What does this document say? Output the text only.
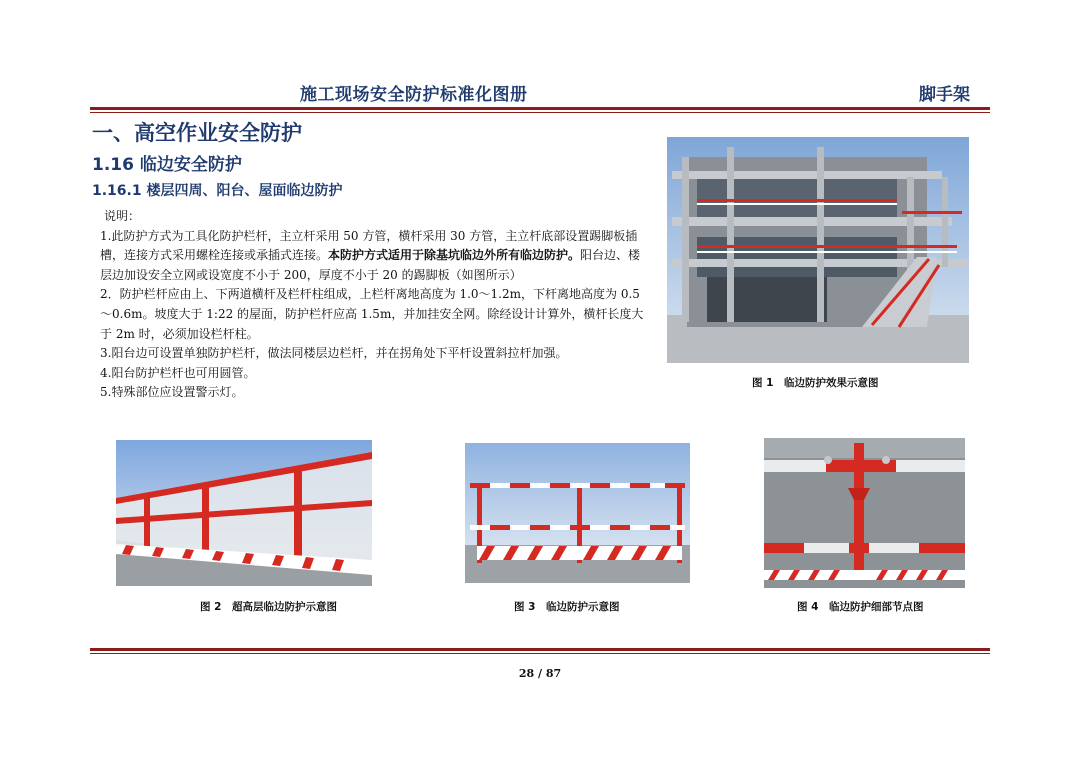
施工现场安全防护标准化图册	脚手架
一、高空作业安全防护
1.16 临边安全防护
1.16.1 楼层四周、阳台、屋面临边防护

说明：

1.此防护方式为工具化防护栏杆，主立杆采用 50 方管，横杆采用 30 方管，主立杆底部设置踢脚板插槽，连接方式采用螺栓连接或承插式连接。本防护方式适用于除基坑临边外所有临边防护。阳台边、楼层边加设安全立网或设宽度不小于 200，厚度不小于 20 的踢脚板（如图所示）

2．防护栏杆应由上、下两道横杆及栏杆柱组成，上栏杆离地高度为 1.0～1.2m，下杆离地高度为 0.5～0.6m。坡度大于 1:22 的屋面，防护栏杆应高 1.5m，并加挂安全网。除经设计计算外，横杆长度大于 2m 时，必须加设栏杆柱。

3.阳台边可设置单独防护栏杆，做法同楼层边栏杆，并在拐角处下平杆设置斜拉杆加强。

4.阳台防护栏杆也可用圆管。

5.特殊部位应设置警示灯。

图 1　临边防护效果示意图
图 2　超高层临边防护示意图	图 3　临边防护示意图	图 4　临边防护细部节点图
28 / 87
